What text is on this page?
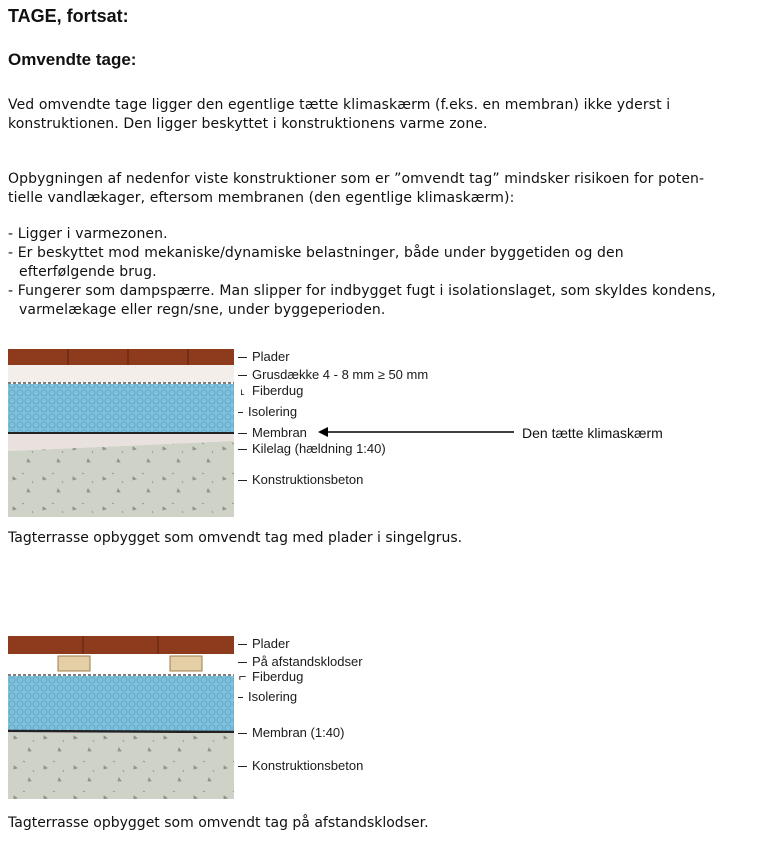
TAGE, fortsat:
Omvendte tage:
Ved omvendte tage ligger den egentlige tætte klimaskærm (f.eks. en membran) ikke yderst i
konstruktionen. Den ligger beskyttet i konstruktionens varme zone.
Opbygningen af nedenfor viste konstruktioner som er ”omvendt tag” mindsker risikoen for poten-
tielle vandlækager, eftersom membranen (den egentlige klimaskærm):
- Ligger i varmezonen.
- Er beskyttet mod mekaniske/dynamiske belastninger, både under byggetiden og den
efterfølgende brug.
- Fungerer som dampspærre. Man slipper for indbygget fugt i isolationslaget, som skyldes kondens,
varmelækage eller regn/sne, under byggeperioden.
Plader
Grusdække 4 - 8 mm ≥ 50 mm
˪ Fiberdug
Isolering
Membran
Kilelag (hældning 1:40)
Konstruktionsbeton
Den tætte klimaskærm
Tagterrasse opbygget som omvendt tag med plader i singelgrus.
Plader
På afstandsklodser
⌐ Fiberdug
Isolering
Membran (1:40)
Konstruktionsbeton
Tagterrasse opbygget som omvendt tag på afstandsklodser.
